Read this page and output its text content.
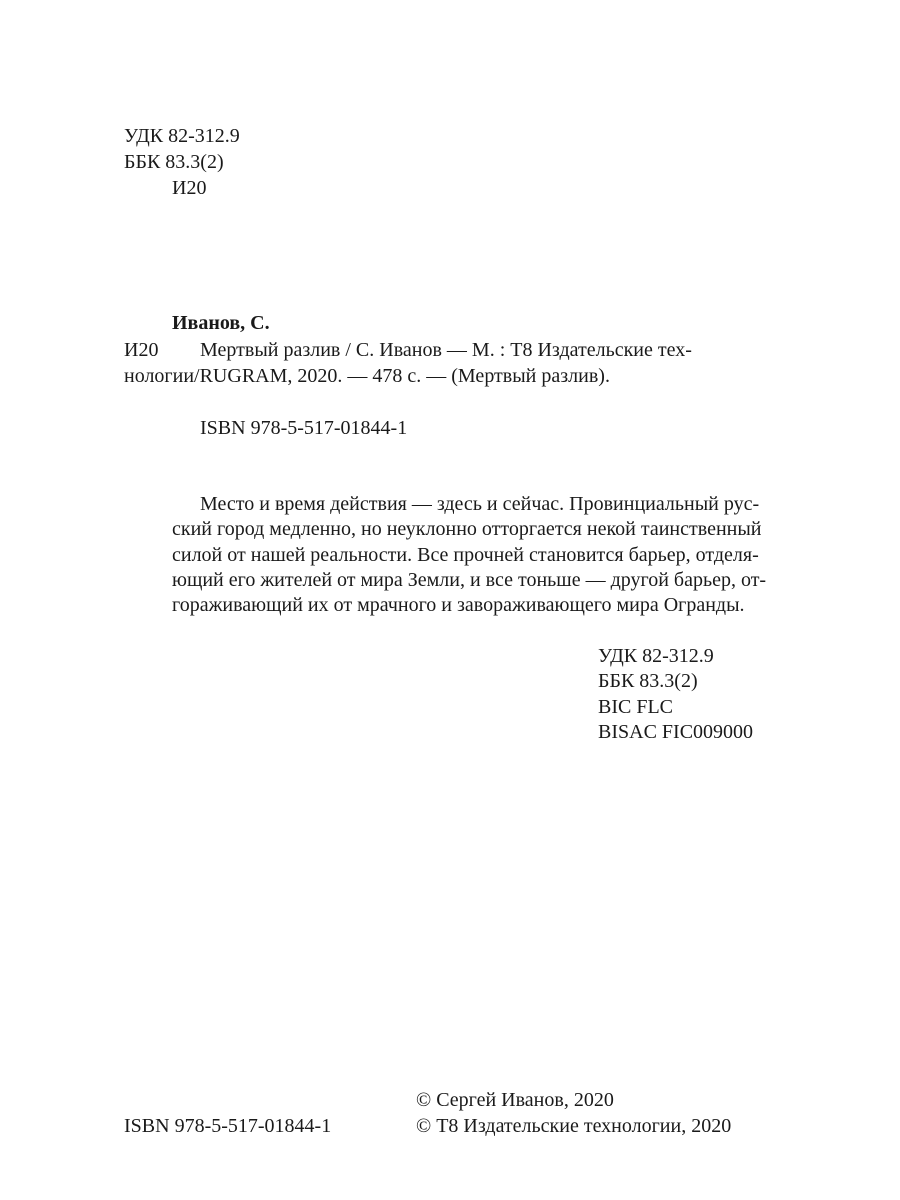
УДК 82-312.9
ББК 83.3(2)
И20
Иванов, С.
И20 Мертвый разлив / С. Иванов — М. : Т8 Издательские тех-
нологии/RUGRAM, 2020. — 478 с. — (Мертвый разлив).
ISBN 978-5-517-01844-1
Место и время действия — здесь и сейчас. Провинциальный рус-
ский город медленно, но неуклонно отторгается некой таинственный
силой от нашей реальности. Все прочней становится барьер, отделя-
ющий его жителей от мира Земли, и все тоньше — другой барьер, от-
гораживающий их от мрачного и завораживающего мира Огранды.
УДК 82-312.9
ББК 83.3(2)
BIC FLC
BISAC FIC009000
© Сергей Иванов, 2020
ISBN 978-5-517-01844-1	© Т8 Издательские технологии, 2020
